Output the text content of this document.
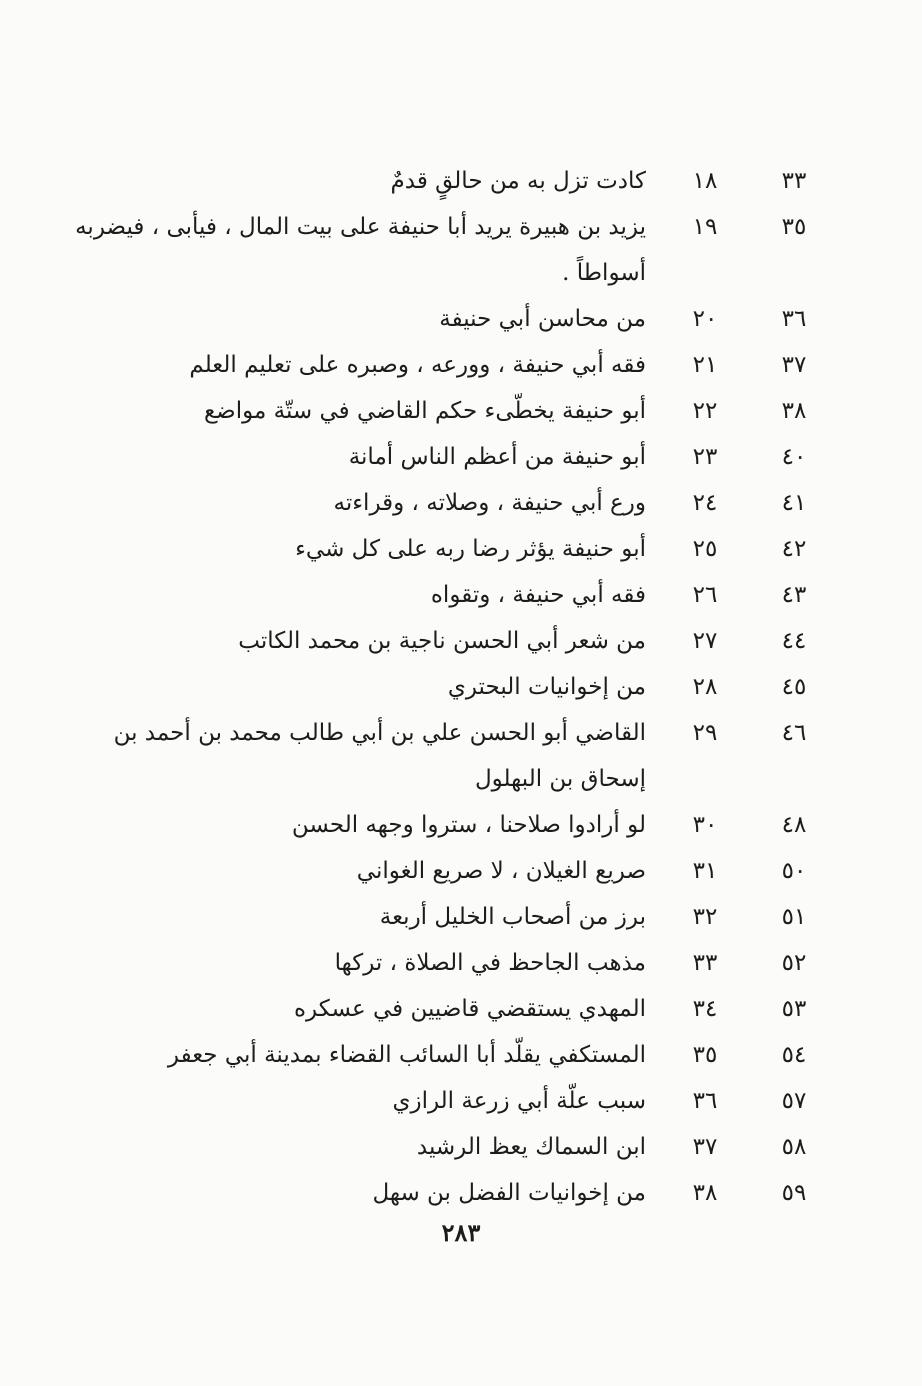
٣٣
١٨
كادت تزل به من حالقٍ قدمٌ
٣٥
١٩
يزيد بن هبيرة يريد أبا حنيفة على بيت المال ، فيأبى ، فيضربه أسواطاً .
٣٦
٢٠
من محاسن أبي حنيفة
٣٧
٢١
فقه أبي حنيفة ، وورعه ، وصبره على تعليم العلم
٣٨
٢٢
أبو حنيفة يخطّىء حكم القاضي في ستّة مواضع
٤٠
٢٣
أبو حنيفة من أعظم الناس أمانة
٤١
٢٤
ورع أبي حنيفة ، وصلاته ، وقراءته
٤٢
٢٥
أبو حنيفة يؤثر رضا ربه على كل شيء
٤٣
٢٦
فقه أبي حنيفة ، وتقواه
٤٤
٢٧
من شعر أبي الحسن ناجية بن محمد الكاتب
٤٥
٢٨
من إخوانيات البحتري
٤٦
٢٩
القاضي أبو الحسن علي بن أبي طالب محمد بن أحمد بن إسحاق بن البهلول
٤٨
٣٠
لو أرادوا صلاحنا ، ستروا وجهه الحسن
٥٠
٣١
صريع الغيلان ، لا صريع الغواني
٥١
٣٢
برز من أصحاب الخليل أربعة
٥٢
٣٣
مذهب الجاحظ في الصلاة ، تركها
٥٣
٣٤
المهدي يستقضي قاضيين في عسكره
٥٤
٣٥
المستكفي يقلّد أبا السائب القضاء بمدينة أبي جعفر
٥٧
٣٦
سبب علّة أبي زرعة الرازي
٥٨
٣٧
ابن السماك يعظ الرشيد
٥٩
٣٨
من إخوانيات الفضل بن سهل
٢٨٣
